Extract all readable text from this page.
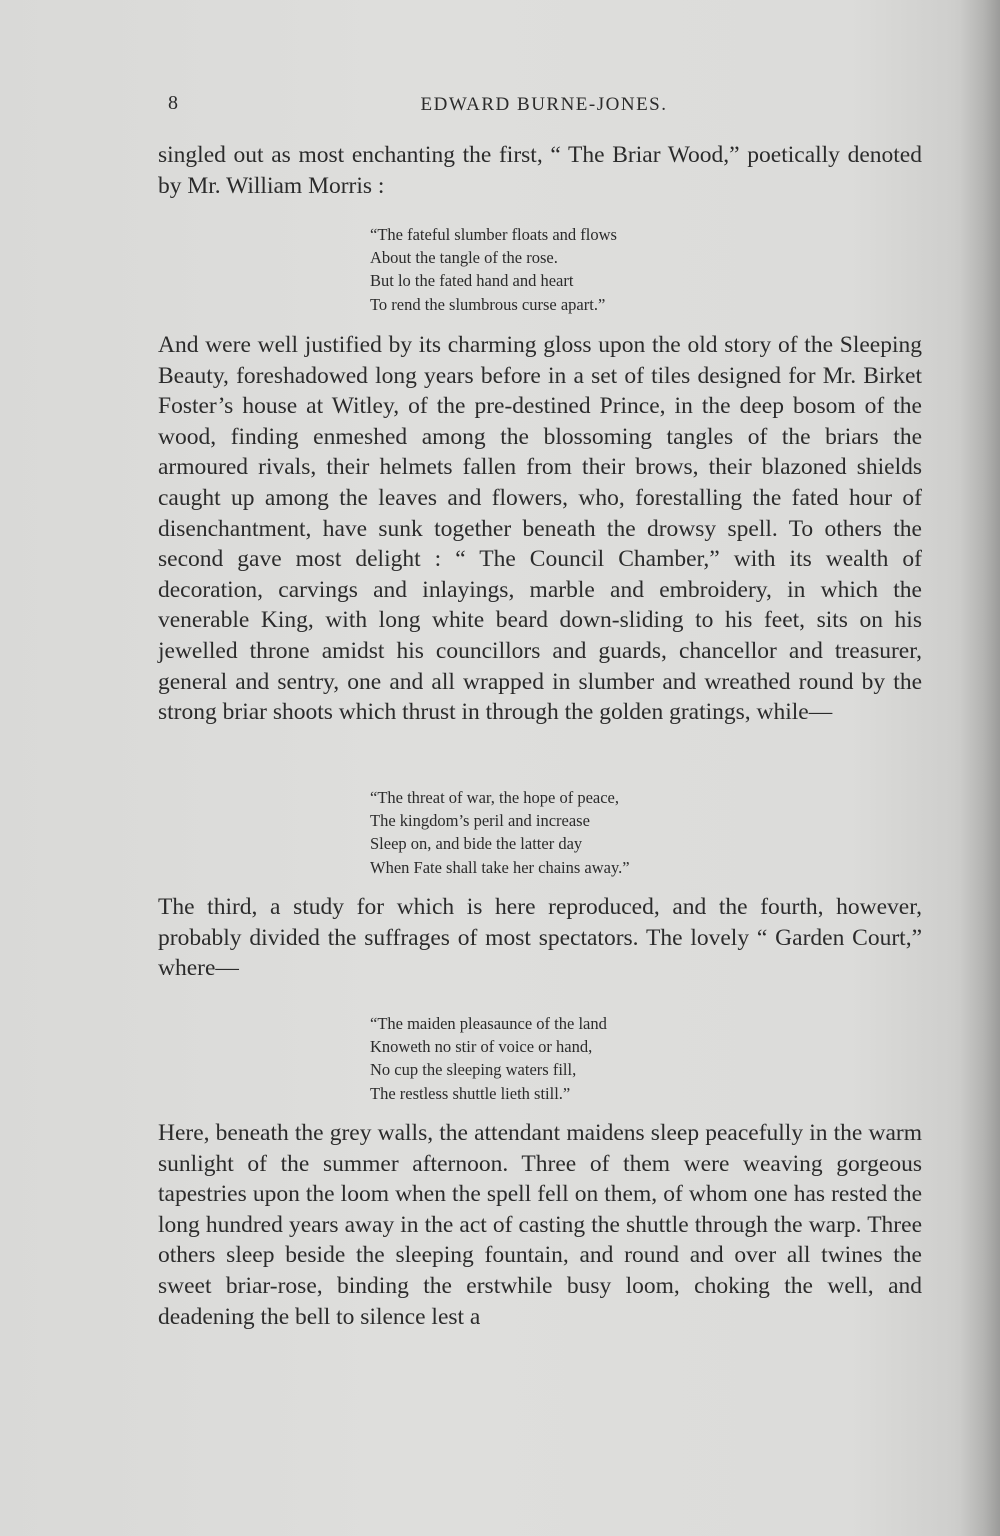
8	EDWARD BURNE-JONES.

singled out as most enchanting the first, “ The Briar Wood,” poetically denoted by Mr. William Morris :

“The fateful slumber floats and flows
About the tangle of the rose.
But lo the fated hand and heart
To rend the slumbrous curse apart.”

And were well justified by its charming gloss upon the old story of the Sleeping Beauty, foreshadowed long years before in a set of tiles designed for Mr. Birket Foster’s house at Witley, of the pre-destined Prince, in the deep bosom of the wood, finding enmeshed among the blossoming tangles of the briars the armoured rivals, their helmets fallen from their brows, their blazoned shields caught up among the leaves and flowers, who, forestalling the fated hour of disenchantment, have sunk together beneath the drowsy spell. To others the second gave most delight : “ The Council Chamber,” with its wealth of decoration, carvings and inlayings, marble and embroidery, in which the venerable King, with long white beard down-sliding to his feet, sits on his jewelled throne amidst his councillors and guards, chancellor and treasurer, general and sentry, one and all wrapped in slumber and wreathed round by the strong briar shoots which thrust in through the golden gratings, while—

“The threat of war, the hope of peace,
The kingdom’s peril and increase
Sleep on, and bide the latter day
When Fate shall take her chains away.”

The third, a study for which is here reproduced, and the fourth, however, probably divided the suffrages of most spectators. The lovely “ Garden Court,” where—

“The maiden pleasaunce of the land
Knoweth no stir of voice or hand,
No cup the sleeping waters fill,
The restless shuttle lieth still.”

Here, beneath the grey walls, the attendant maidens sleep peacefully in the warm sunlight of the summer afternoon. Three of them were weaving gorgeous tapestries upon the loom when the spell fell on them, of whom one has rested the long hundred years away in the act of casting the shuttle through the warp. Three others sleep beside the sleeping fountain, and round and over all twines the sweet briar-rose, binding the erstwhile busy loom, choking the well, and deadening the bell to silence lest a
